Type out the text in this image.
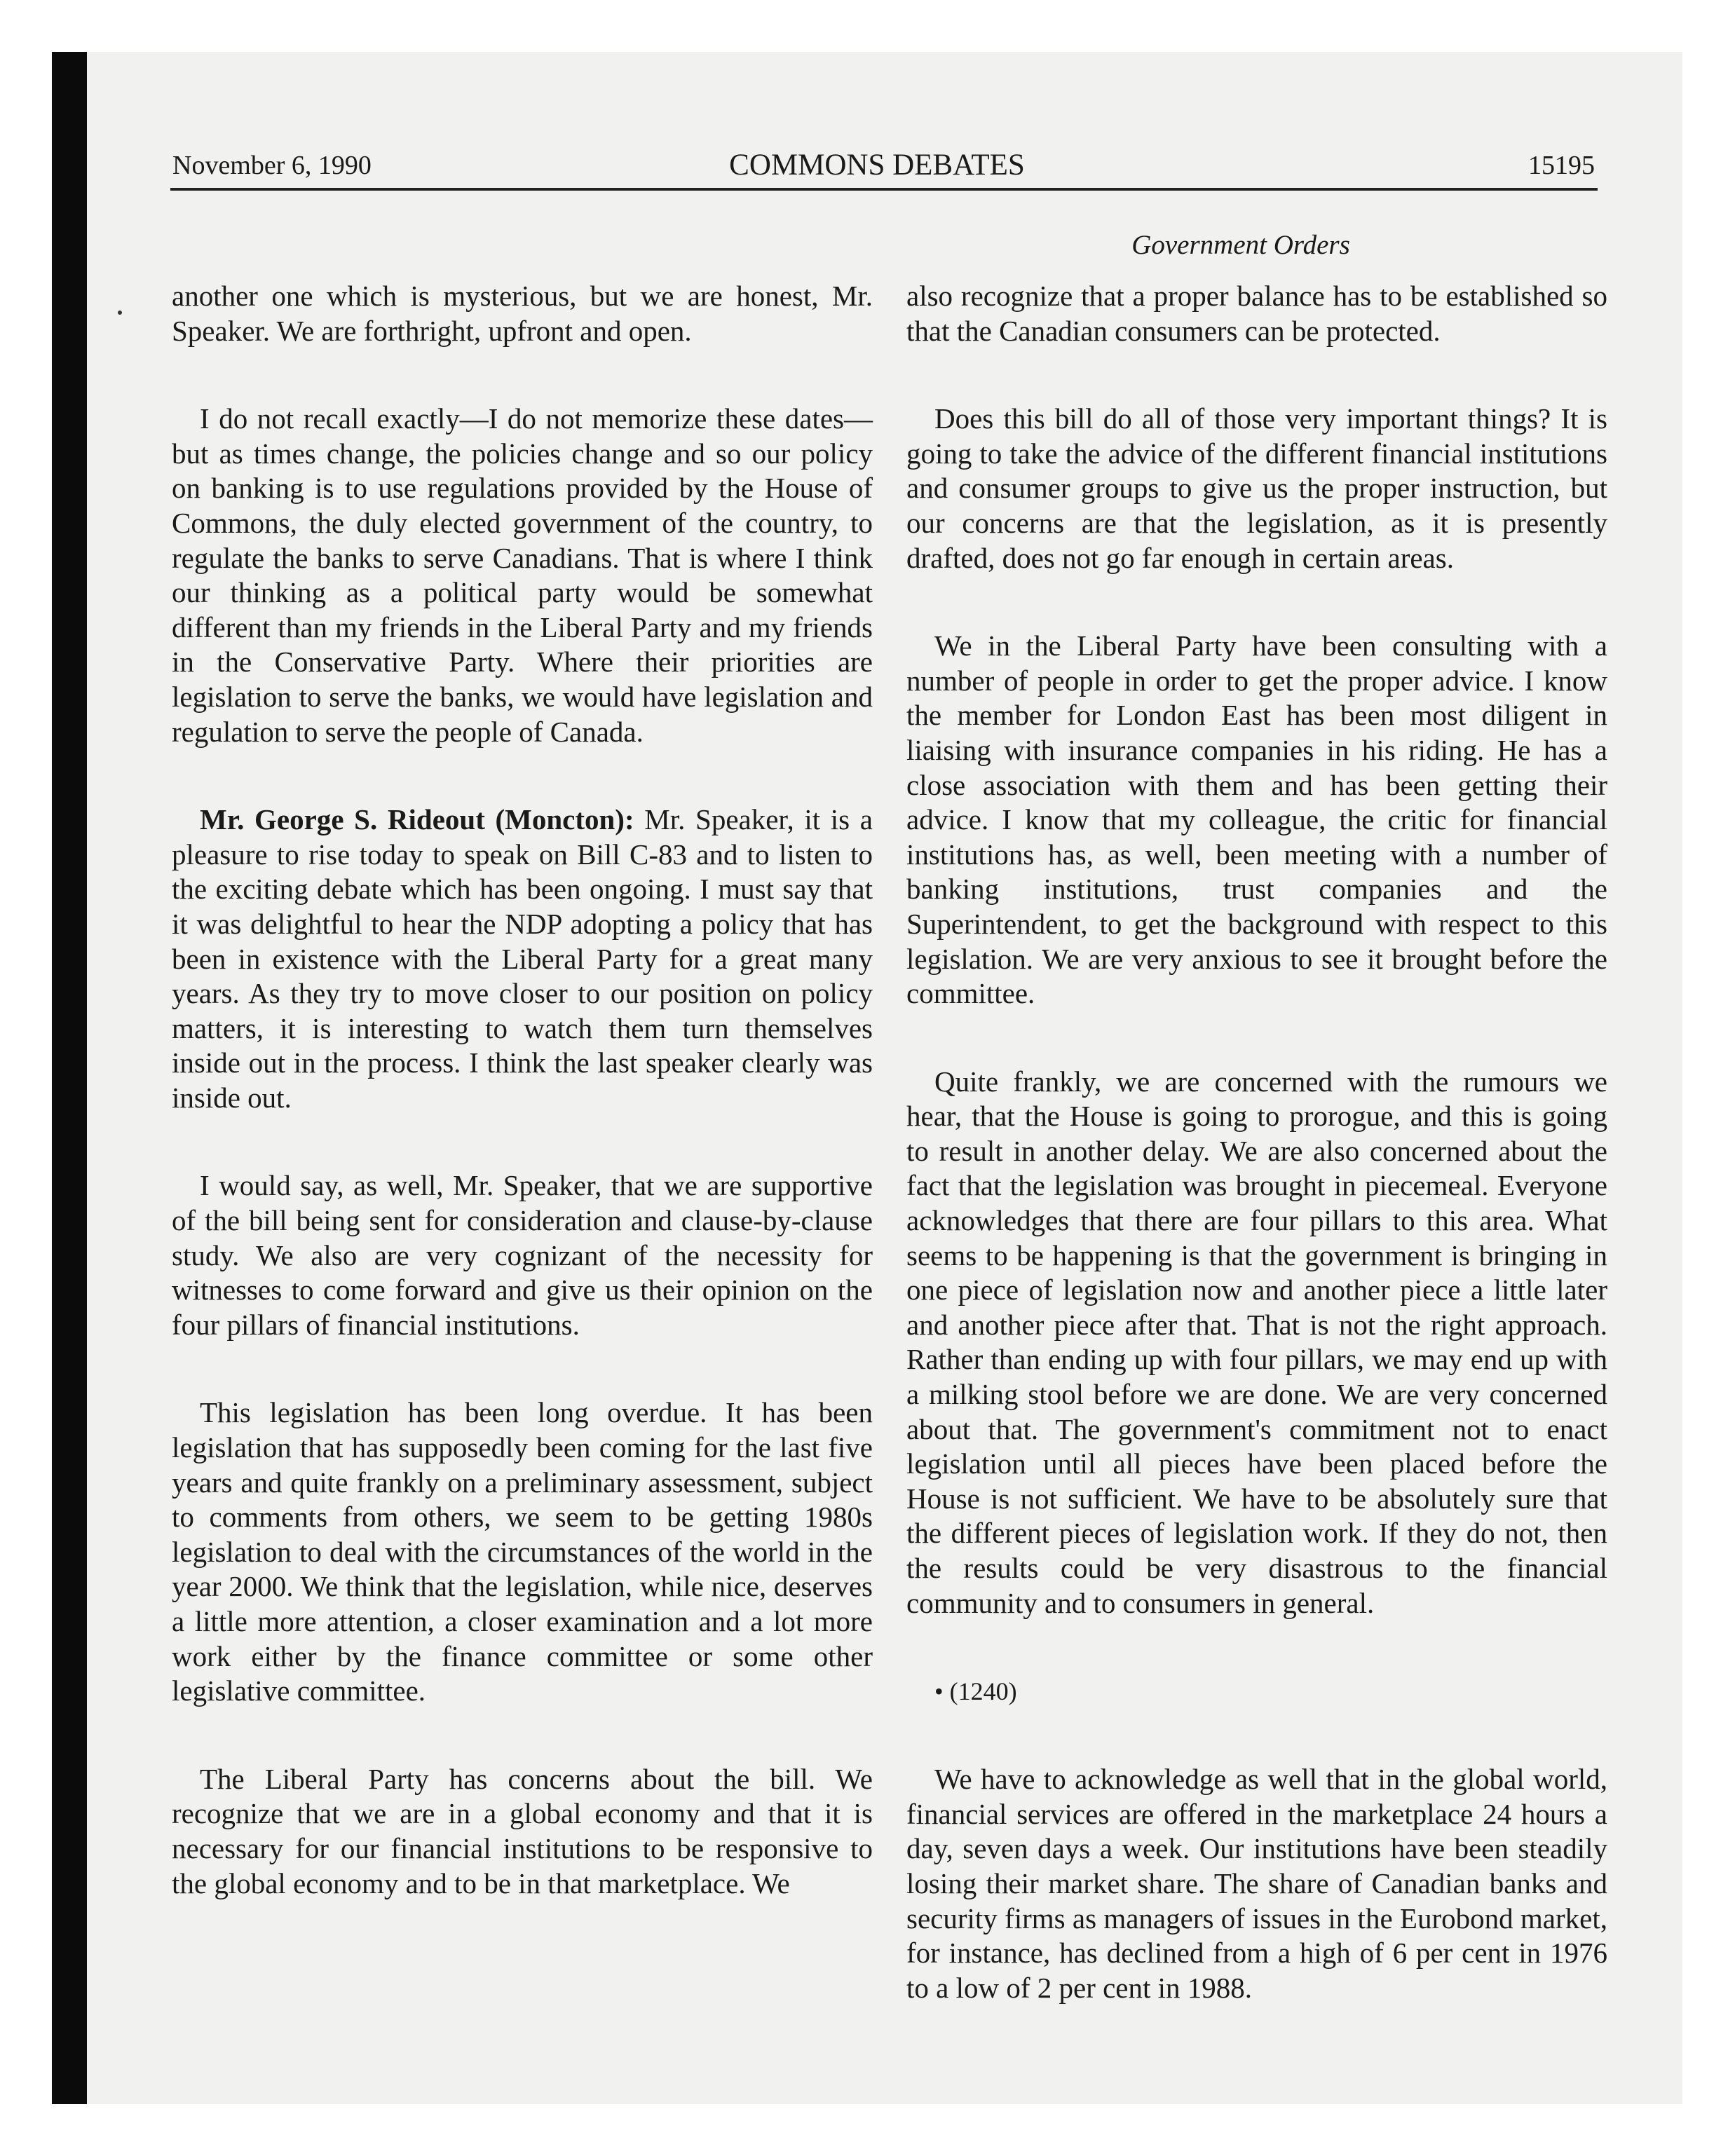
November 6, 1990	COMMONS DEBATES	15195
Government Orders

another one which is mysterious, but we are honest, Mr. Speaker. We are forthright, upfront and open.

I do not recall exactly—I do not memorize these dates—but as times change, the policies change and so our policy on banking is to use regulations provided by the House of Commons, the duly elected government of the country, to regulate the banks to serve Canadians. That is where I think our thinking as a political party would be somewhat different than my friends in the Liberal Party and my friends in the Conservative Party. Where their priorities are legislation to serve the banks, we would have legislation and regulation to serve the people of Canada.

Mr. George S. Rideout (Moncton): Mr. Speaker, it is a pleasure to rise today to speak on Bill C-83 and to listen to the exciting debate which has been ongoing. I must say that it was delightful to hear the NDP adopting a policy that has been in existence with the Liberal Party for a great many years. As they try to move closer to our position on policy matters, it is interesting to watch them turn themselves inside out in the process. I think the last speaker clearly was inside out.

I would say, as well, Mr. Speaker, that we are supportive of the bill being sent for consideration and clause-by-clause study. We also are very cognizant of the necessity for witnesses to come forward and give us their opinion on the four pillars of financial institutions.

This legislation has been long overdue. It has been legislation that has supposedly been coming for the last five years and quite frankly on a preliminary assessment, subject to comments from others, we seem to be getting 1980s legislation to deal with the circumstances of the world in the year 2000. We think that the legislation, while nice, deserves a little more attention, a closer examination and a lot more work either by the finance committee or some other legislative committee.

The Liberal Party has concerns about the bill. We recognize that we are in a global economy and that it is necessary for our financial institutions to be responsive to the global economy and to be in that marketplace. We

also recognize that a proper balance has to be established so that the Canadian consumers can be protected.

Does this bill do all of those very important things? It is going to take the advice of the different financial institutions and consumer groups to give us the proper instruction, but our concerns are that the legislation, as it is presently drafted, does not go far enough in certain areas.

We in the Liberal Party have been consulting with a number of people in order to get the proper advice. I know the member for London East has been most diligent in liaising with insurance companies in his riding. He has a close association with them and has been getting their advice. I know that my colleague, the critic for financial institutions has, as well, been meeting with a number of banking institutions, trust companies and the Superintendent, to get the background with respect to this legislation. We are very anxious to see it brought before the committee.

Quite frankly, we are concerned with the rumours we hear, that the House is going to prorogue, and this is going to result in another delay. We are also concerned about the fact that the legislation was brought in piecemeal. Everyone acknowledges that there are four pillars to this area. What seems to be happening is that the government is bringing in one piece of legislation now and another piece a little later and another piece after that. That is not the right approach. Rather than ending up with four pillars, we may end up with a milking stool before we are done. We are very concerned about that. The government's commitment not to enact legislation until all pieces have been placed before the House is not sufficient. We have to be absolutely sure that the different pieces of legislation work. If they do not, then the results could be very disastrous to the financial community and to consumers in general.

• (1240)

We have to acknowledge as well that in the global world, financial services are offered in the marketplace 24 hours a day, seven days a week. Our institutions have been steadily losing their market share. The share of Canadian banks and security firms as managers of issues in the Eurobond market, for instance, has declined from a high of 6 per cent in 1976 to a low of 2 per cent in 1988.
